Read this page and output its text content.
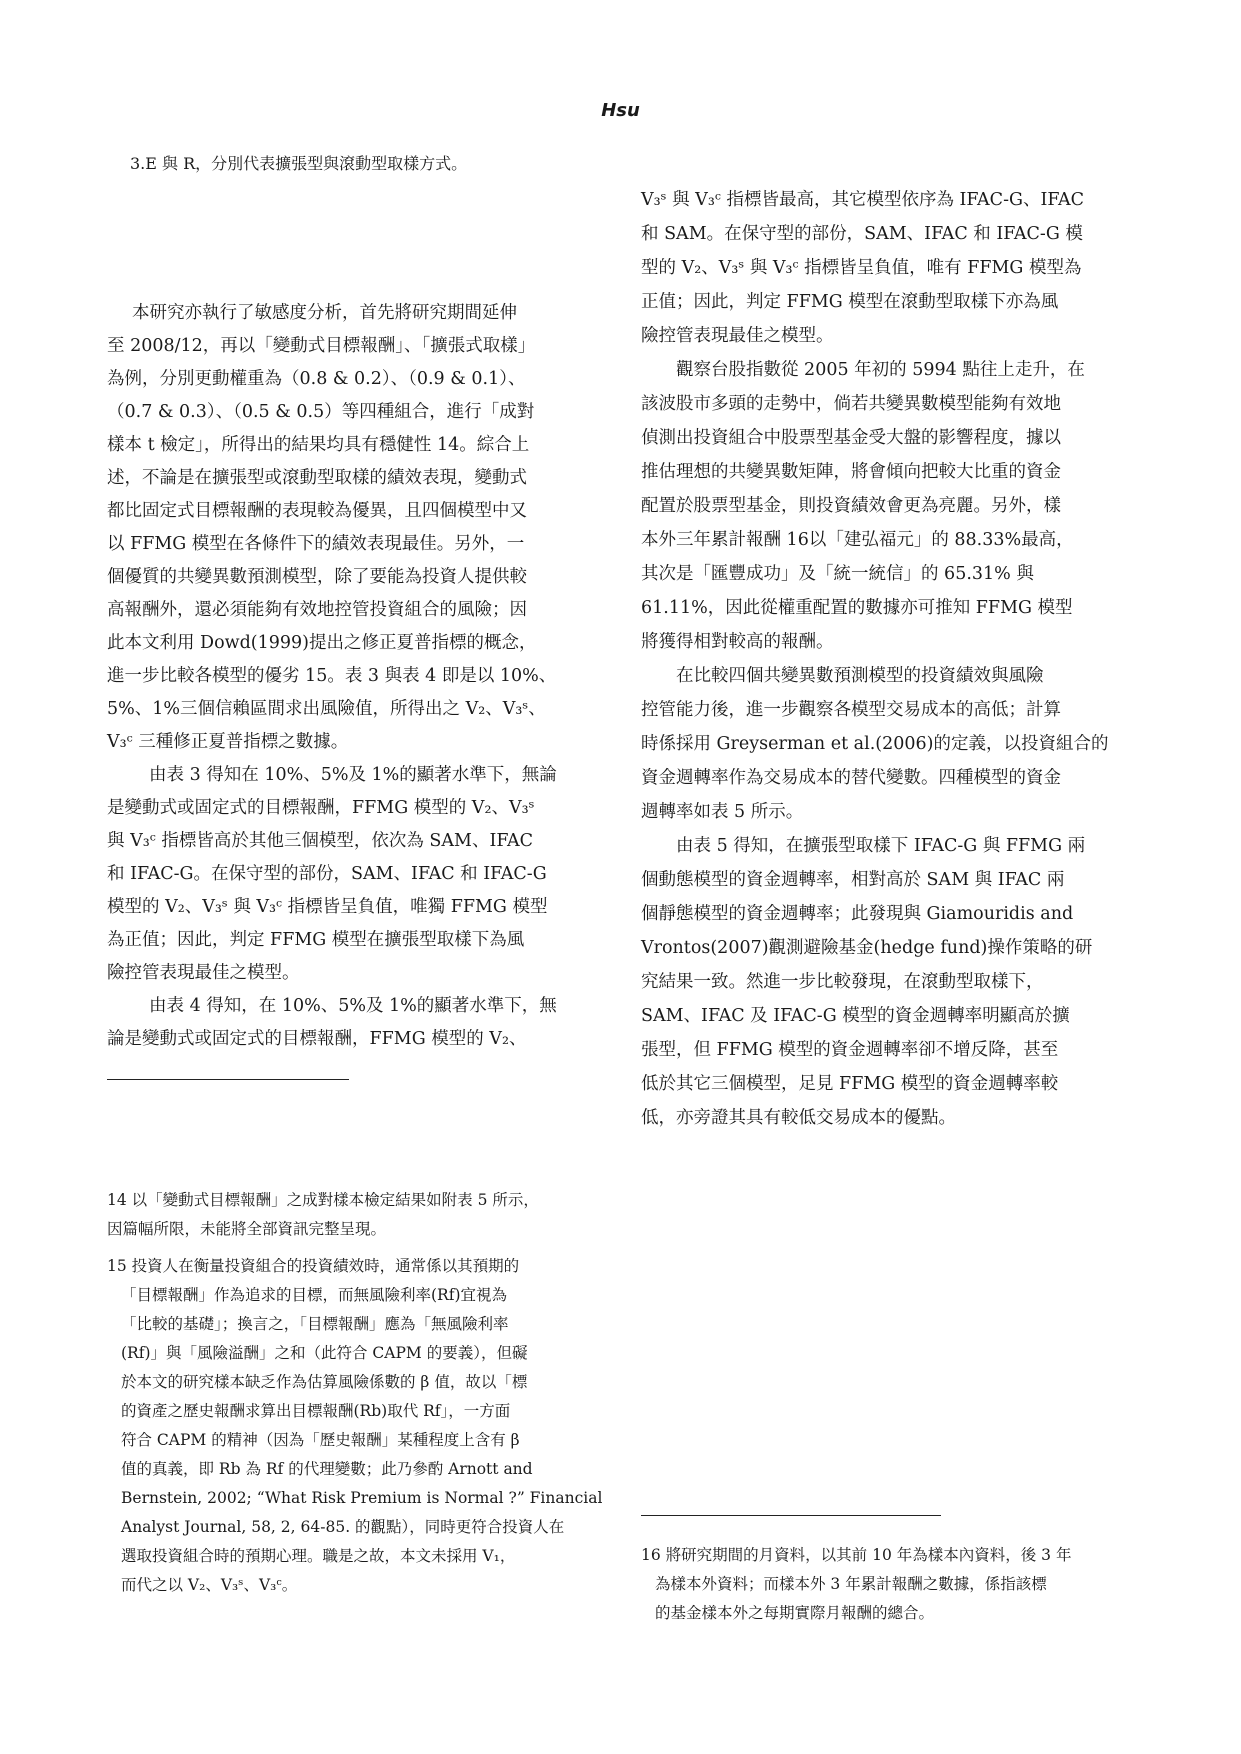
Hsu
3.E 與 R，分別代表擴張型與滾動型取樣方式。
本研究亦執行了敏感度分析，首先將研究期間延伸
至 2008/12，再以「變動式目標報酬」、「擴張式取樣」
為例，分別更動權重為（0.8 & 0.2）、（0.9 & 0.1）、
（0.7 & 0.3）、（0.5 & 0.5）等四種組合，進行「成對
樣本 t 檢定」，所得出的結果均具有穩健性 14。綜合上
述，不論是在擴張型或滾動型取樣的績效表現，變動式
都比固定式目標報酬的表現較為優異，且四個模型中又
以 FFMG 模型在各條件下的績效表現最佳。另外，一
個優質的共變異數預測模型，除了要能為投資人提供較
高報酬外，還必須能夠有效地控管投資組合的風險；因
此本文利用 Dowd(1999)提出之修正夏普指標的概念，
進一步比較各模型的優劣 15。表 3 與表 4 即是以 10%、
5%、1%三個信賴區間求出風險值，所得出之 V₂、V₃ˢ、
V₃ᶜ 三種修正夏普指標之數據。
由表 3 得知在 10%、5%及 1%的顯著水準下，無論
是變動式或固定式的目標報酬，FFMG 模型的 V₂、V₃ˢ
與 V₃ᶜ 指標皆高於其他三個模型，依次為 SAM、IFAC
和 IFAC-G。在保守型的部份，SAM、IFAC 和 IFAC-G
模型的 V₂、V₃ˢ 與 V₃ᶜ 指標皆呈負值，唯獨 FFMG 模型
為正值；因此，判定 FFMG 模型在擴張型取樣下為風
險控管表現最佳之模型。
由表 4 得知，在 10%、5%及 1%的顯著水準下，無
論是變動式或固定式的目標報酬，FFMG 模型的 V₂、
V₃ˢ 與 V₃ᶜ 指標皆最高，其它模型依序為 IFAC-G、IFAC
和 SAM。在保守型的部份，SAM、IFAC 和 IFAC-G 模
型的 V₂、V₃ˢ 與 V₃ᶜ 指標皆呈負值，唯有 FFMG 模型為
正值；因此，判定 FFMG 模型在滾動型取樣下亦為風
險控管表現最佳之模型。
觀察台股指數從 2005 年初的 5994 點往上走升，在
該波股市多頭的走勢中，倘若共變異數模型能夠有效地
偵測出投資組合中股票型基金受大盤的影響程度，據以
推估理想的共變異數矩陣，將會傾向把較大比重的資金
配置於股票型基金，則投資績效會更為亮麗。另外，樣
本外三年累計報酬 16以「建弘福元」的 88.33%最高，
其次是「匯豐成功」及「統一統信」的 65.31% 與
61.11%，因此從權重配置的數據亦可推知 FFMG 模型
將獲得相對較高的報酬。
在比較四個共變異數預測模型的投資績效與風險
控管能力後，進一步觀察各模型交易成本的高低；計算
時係採用 Greyserman et al.(2006)的定義，以投資組合的
資金週轉率作為交易成本的替代變數。四種模型的資金
週轉率如表 5 所示。
由表 5 得知，在擴張型取樣下 IFAC-G 與 FFMG 兩
個動態模型的資金週轉率，相對高於 SAM 與 IFAC 兩
個靜態模型的資金週轉率；此發現與 Giamouridis and
Vrontos(2007)觀測避險基金(hedge fund)操作策略的研
究結果一致。然進一步比較發現，在滾動型取樣下，
SAM、IFAC 及 IFAC-G 模型的資金週轉率明顯高於擴
張型，但 FFMG 模型的資金週轉率卻不增反降，甚至
低於其它三個模型，足見 FFMG 模型的資金週轉率較
低，亦旁證其具有較低交易成本的優點。
14 以「變動式目標報酬」之成對樣本檢定結果如附表 5 所示，
因篇幅所限，未能將全部資訊完整呈現。
15 投資人在衡量投資組合的投資績效時，通常係以其預期的
「目標報酬」作為追求的目標，而無風險利率(Rf)宜視為
「比較的基礎」；換言之，「目標報酬」應為「無風險利率
(Rf)」與「風險溢酬」之和（此符合 CAPM 的要義），但礙
於本文的研究樣本缺乏作為估算風險係數的 β 值，故以「標
的資產之歷史報酬求算出目標報酬(Rb)取代 Rf」，一方面
符合 CAPM 的精神（因為「歷史報酬」某種程度上含有 β
值的真義，即 Rb 為 Rf 的代理變數；此乃參酌 Arnott and
Bernstein, 2002; “What Risk Premium is Normal ?” Financial
Analyst Journal, 58, 2, 64-85. 的觀點），同時更符合投資人在
選取投資組合時的預期心理。職是之故，本文未採用 V₁，
而代之以 V₂、V₃ˢ、V₃ᶜ。
16 將研究期間的月資料，以其前 10 年為樣本內資料，後 3 年
為樣本外資料；而樣本外 3 年累計報酬之數據，係指該標
的基金樣本外之每期實際月報酬的總合。
